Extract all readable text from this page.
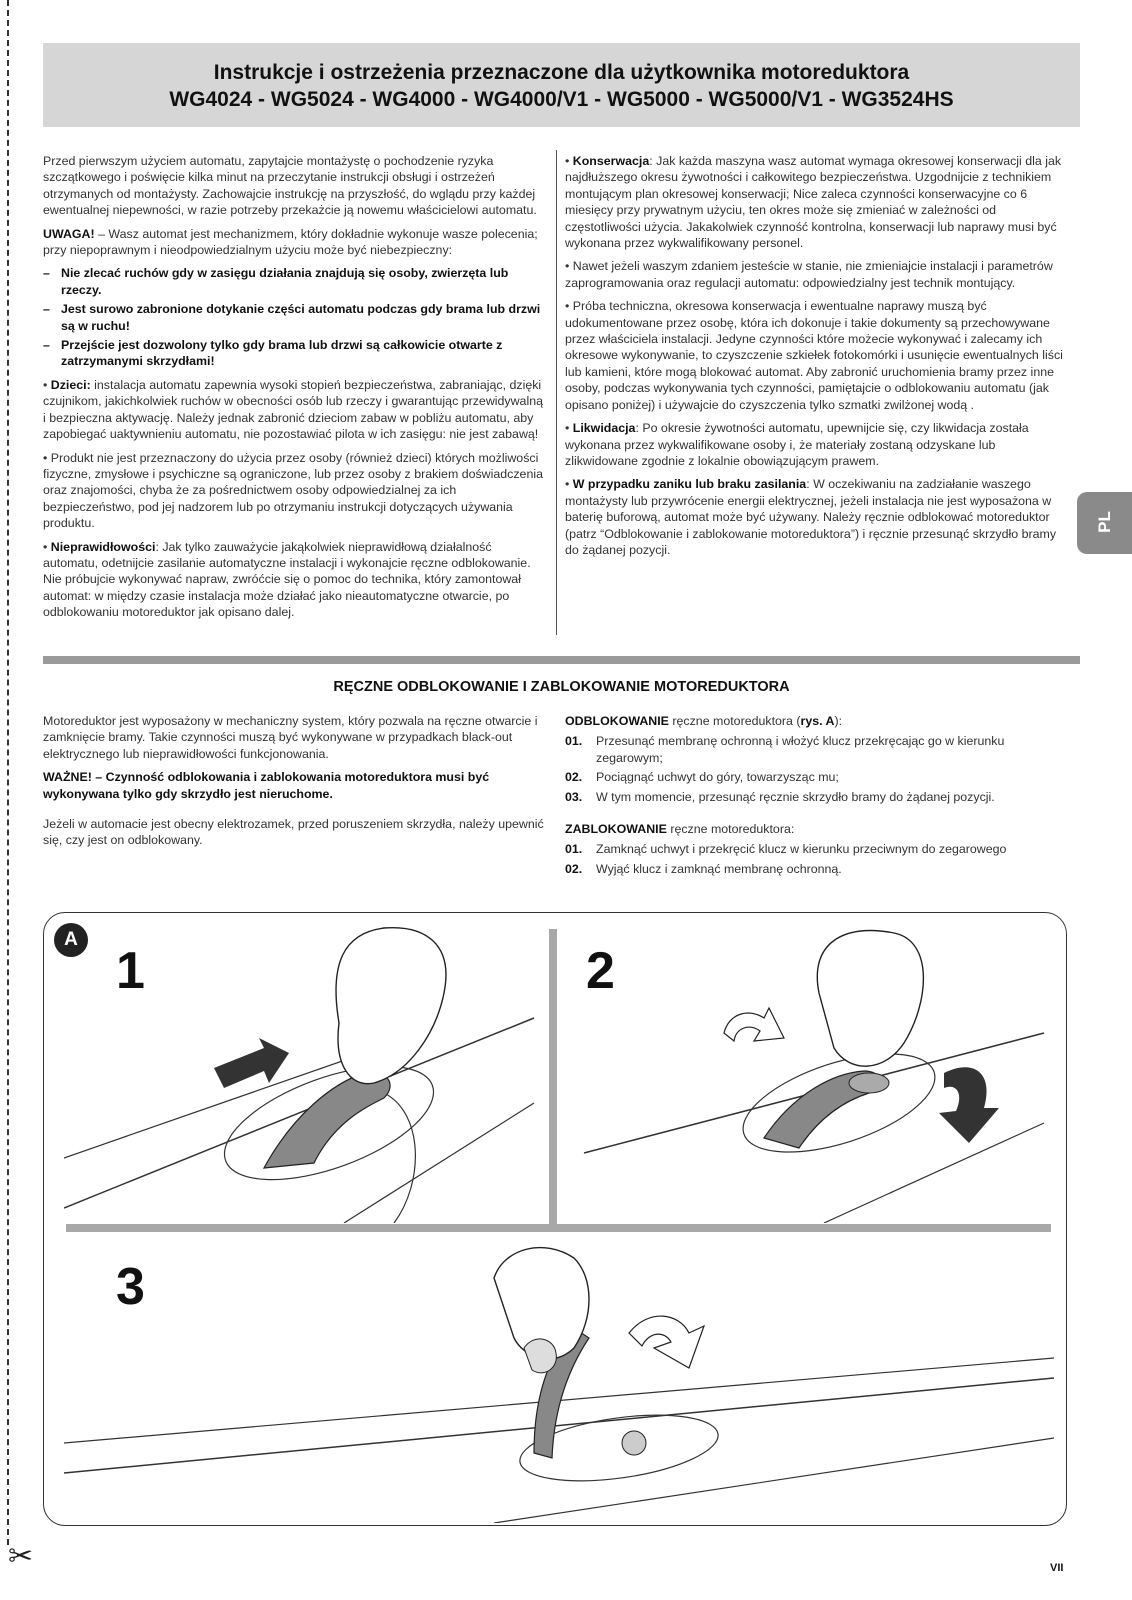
✂
Instrukcje i ostrzeżenia przeznaczone dla użytkownika motoreduktora
WG4024 - WG5024 - WG4000 - WG4000/V1 - WG5000 - WG5000/V1 - WG3524HS

Przed pierwszym użyciem automatu, zapytajcie montażystę o pochodzenie ryzyka szczątkowego i poświęcie kilka minut na przeczytanie instrukcji obsługi i ostrzeżeń otrzymanych od montażysty. Zachowajcie instrukcję na przyszłość, do wglądu przy każdej ewentualnej niepewności, w razie potrzeby przekażcie ją nowemu właścicielowi automatu.

UWAGA! – Wasz automat jest mechanizmem, który dokładnie wykonuje wasze polecenia; przy niepoprawnym i nieodpowiedzialnym użyciu może być niebezpieczny:

– Nie zlecać ruchów gdy w zasięgu działania znajdują się osoby, zwierzęta lub rzeczy.
– Jest surowo zabronione dotykanie części automatu podczas gdy brama lub drzwi są w ruchu!
– Przejście jest dozwolony tylko gdy brama lub drzwi są całkowicie otwarte z zatrzymanymi skrzydłami!

• Dzieci: instalacja automatu zapewnia wysoki stopień bezpieczeństwa, zabraniając, dzięki czujnikom, jakichkolwiek ruchów w obecności osób lub rzeczy i gwarantując przewidywalną i bezpieczna aktywację. Należy jednak zabronić dzieciom zabaw w pobliżu automatu, aby zapobiegać uaktywnieniu automatu, nie pozostawiać pilota w ich zasięgu: nie jest zabawą!

• Produkt nie jest przeznaczony do użycia przez osoby (również dzieci) których możliwości fizyczne, zmysłowe i psychiczne są ograniczone, lub przez osoby z brakiem doświadczenia oraz znajomości, chyba że za pośrednictwem osoby odpowiedzialnej za ich bezpieczeństwo, pod jej nadzorem lub po otrzymaniu instrukcji dotyczących używania produktu.

• Nieprawidłowości: Jak tylko zauważycie jakąkolwiek nieprawidłową działalność automatu, odetnijcie zasilanie automatyczne instalacji i wykonajcie ręczne odblokowanie. Nie próbujcie wykonywać napraw, zwróćcie się o pomoc do technika, który zamontował automat: w między czasie instalacja może działać jako nieautomatyczne otwarcie, po odblokowaniu motoreduktor jak opisano dalej.

• Konserwacja: Jak każda maszyna wasz automat wymaga okresowej konserwacji dla jak najdłuższego okresu żywotności i całkowitego bezpieczeństwa. Uzgodnijcie z technikiem montującym plan okresowej konserwacji; Nice zaleca czynności konserwacyjne co 6 miesięcy przy prywatnym użyciu, ten okres może się zmieniać w zależności od częstotliwości użycia. Jakakolwiek czynność kontrolna, konserwacji lub naprawy musi być wykonana przez wykwalifikowany personel.

• Nawet jeżeli waszym zdaniem jesteście w stanie, nie zmieniajcie instalacji i parametrów zaprogramowania oraz regulacji automatu: odpowiedzialny jest technik montujący.

• Próba techniczna, okresowa konserwacja i ewentualne naprawy muszą być udokumentowane przez osobę, która ich dokonuje i takie dokumenty są przechowywane przez właściciela instalacji. Jedyne czynności które możecie wykonywać i zalecamy ich okresowe wykonywanie, to czyszczenie szkiełek fotokomórki i usunięcie ewentualnych liści lub kamieni, które mogą blokować automat. Aby zabronić uruchomienia bramy przez inne osoby, podczas wykonywania tych czynności, pamiętajcie o odblokowaniu automatu (jak opisano poniżej) i używajcie do czyszczenia tylko szmatki zwilżonej wodą .

• Likwidacja: Po okresie żywotności automatu, upewnijcie się, czy likwidacja została wykonana przez wykwalifikowane osoby i, że materiały zostaną odzyskane lub zlikwidowane zgodnie z lokalnie obowiązującym prawem.

• W przypadku zaniku lub braku zasilania: W oczekiwaniu na zadziałanie waszego montażysty lub przywrócenie energii elektrycznej, jeżeli instalacja nie jest wyposażona w baterię buforową, automat może być używany. Należy ręcznie odblokować motoreduktor (patrz “Odblokowanie i zablokowanie motoreduktora”) i ręcznie przesunąć skrzydło bramy do żądanej pozycji.

PL
RĘCZNE ODBLOKOWANIE I ZABLOKOWANIE MOTOREDUKTORA

Motoreduktor jest wyposażony w mechaniczny system, który pozwala na ręczne otwarcie i zamknięcie bramy. Takie czynności muszą być wykonywane w przypadkach black-out elektrycznego lub nieprawidłowości funkcjonowania.

WAŻNE! – Czynność odblokowania i zablokowania motoreduktora musi być wykonywana tylko gdy skrzydło jest nieruchome.

Jeżeli w automacie jest obecny elektrozamek, przed poruszeniem skrzydła, należy upewnić się, czy jest on odblokowany.

ODBLOKOWANIE ręczne motoreduktora (rys. A):

01. Przesunąć membranę ochronną i włożyć klucz przekręcając go w kierunku zegarowym;
02. Pociągnąć uchwyt do góry, towarzysząc mu;
03. W tym momencie, przesunąć ręcznie skrzydło bramy do żądanej pozycji.

ZABLOKOWANIE ręczne motoreduktora:

01. Zamknąć uchwyt i przekręcić klucz w kierunku przeciwnym do zegarowego
02. Wyjąć klucz i zamknąć membranę ochronną.
A
1	2
3
VII
